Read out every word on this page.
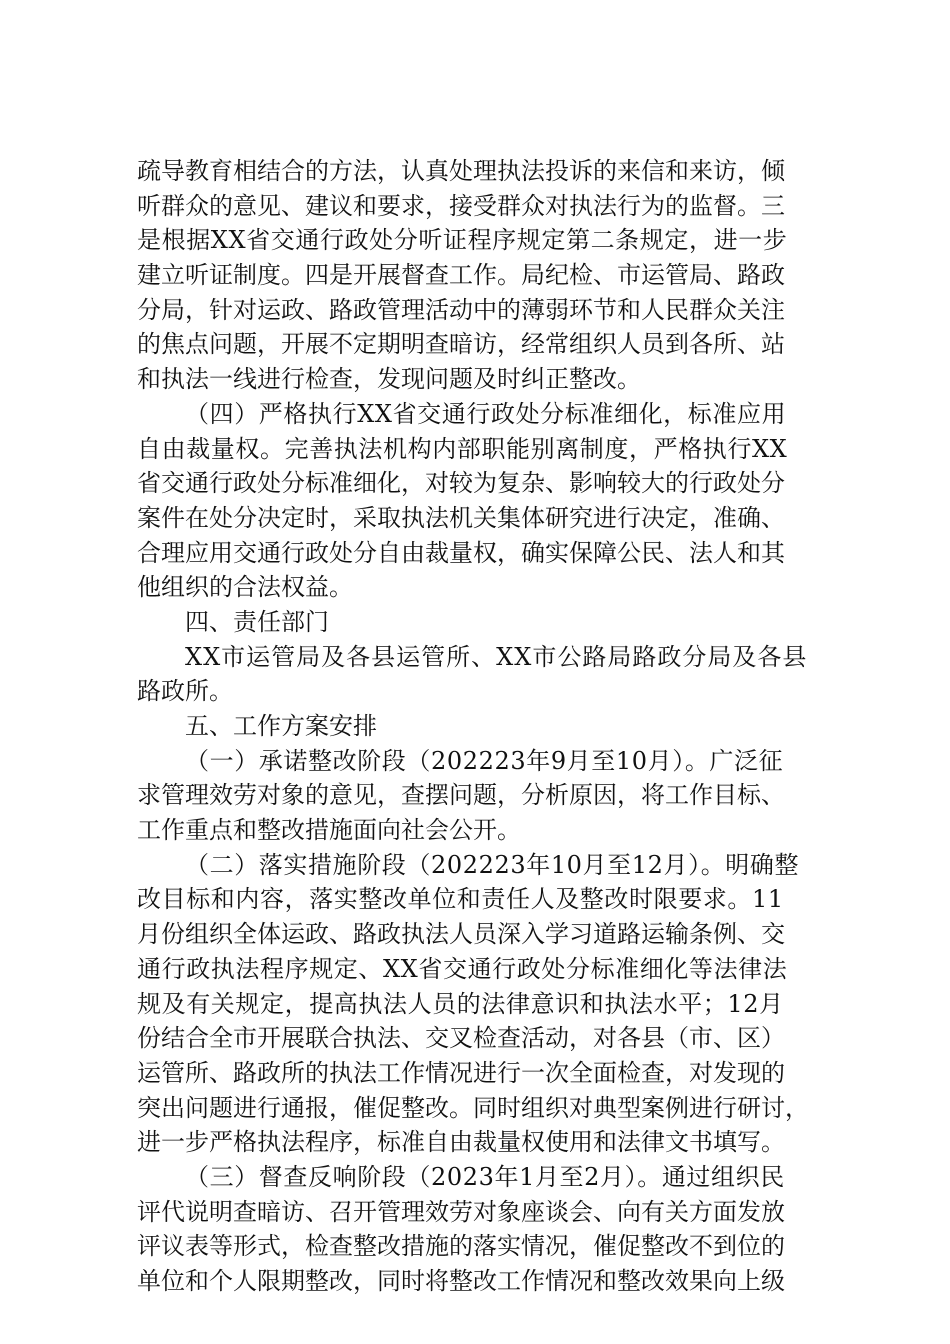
疏导教育相结合的方法，认真处理执法投诉的来信和来访，倾
听群众的意见、建议和要求，接受群众对执法行为的监督。三
是根据XX省交通行政处分听证程序规定第二条规定，进一步
建立听证制度。四是开展督查工作。局纪检、市运管局、路政
分局，针对运政、路政管理活动中的薄弱环节和人民群众关注
的焦点问题，开展不定期明查暗访，经常组织人员到各所、站
和执法一线进行检查，发现问题及时纠正整改。
（四）严格执行XX省交通行政处分标准细化，标准应用
自由裁量权。完善执法机构内部职能别离制度，严格执行XX
省交通行政处分标准细化，对较为复杂、影响较大的行政处分
案件在处分决定时，采取执法机关集体研究进行决定，准确、
合理应用交通行政处分自由裁量权，确实保障公民、法人和其
他组织的合法权益。
四、责任部门
XX市运管局及各县运管所、XX市公路局路政分局及各县
路政所。
五、工作方案安排
（一）承诺整改阶段（202223年9月至10月）。广泛征
求管理效劳对象的意见，查摆问题，分析原因，将工作目标、
工作重点和整改措施面向社会公开。
（二）落实措施阶段（202223年10月至12月）。明确整
改目标和内容，落实整改单位和责任人及整改时限要求。11
月份组织全体运政、路政执法人员深入学习道路运输条例、交
通行政执法程序规定、XX省交通行政处分标准细化等法律法
规及有关规定，提高执法人员的法律意识和执法水平；12月
份结合全市开展联合执法、交叉检查活动，对各县（市、区）
运管所、路政所的执法工作情况进行一次全面检查，对发现的
突出问题进行通报，催促整改。同时组织对典型案例进行研讨，
进一步严格执法程序，标准自由裁量权使用和法律文书填写。
（三）督查反响阶段（2023年1月至2月）。通过组织民
评代说明查暗访、召开管理效劳对象座谈会、向有关方面发放
评议表等形式，检查整改措施的落实情况，催促整改不到位的
单位和个人限期整改，同时将整改工作情况和整改效果向上级
